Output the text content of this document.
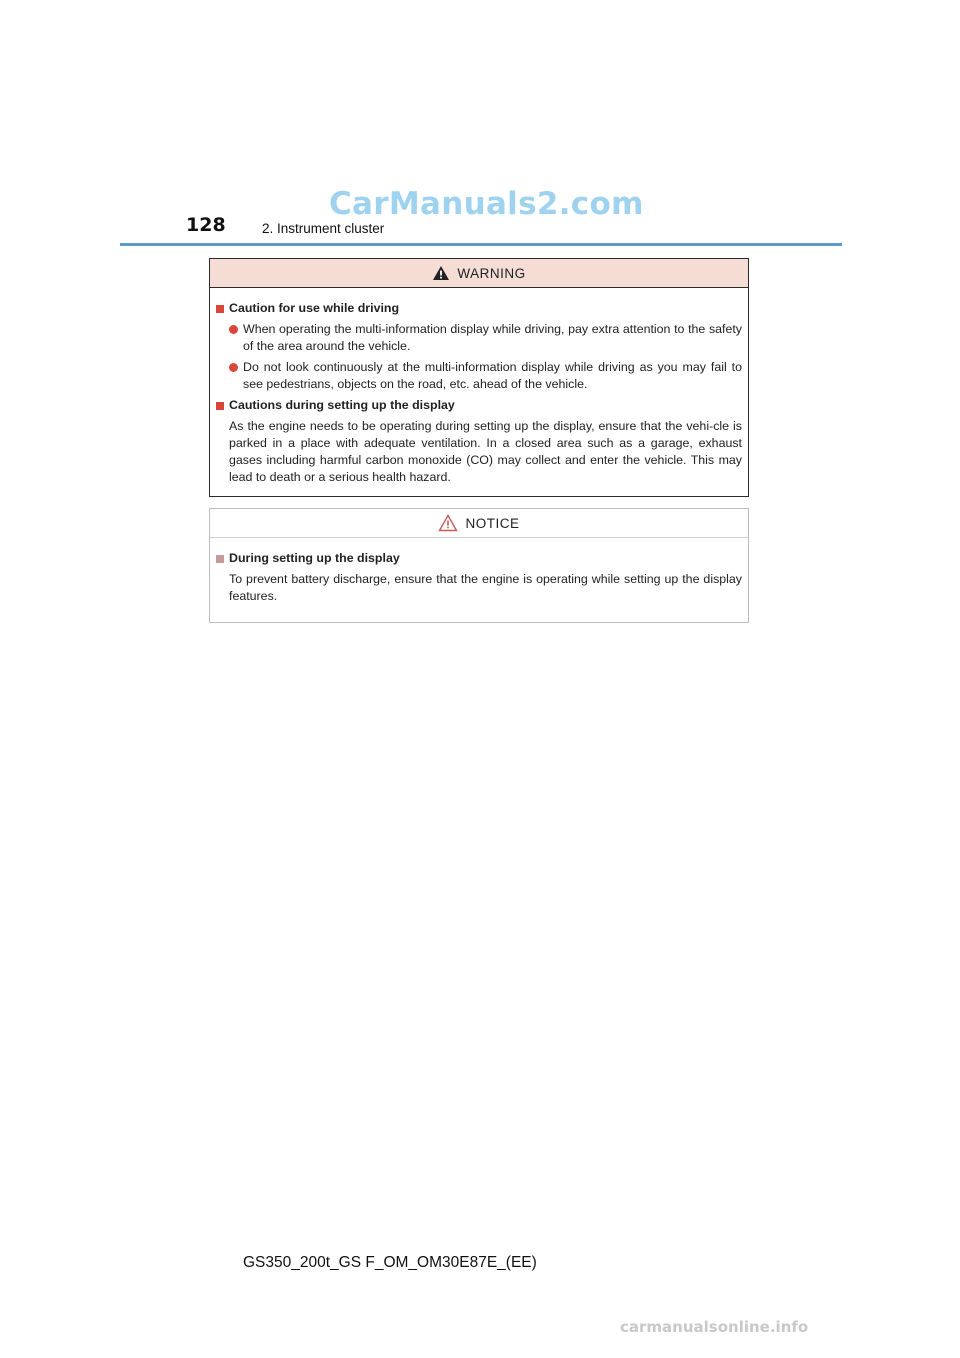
CarManuals2.com
128	2. Instrument cluster
WARNING
Caution for use while driving
When operating the multi-information display while driving, pay extra attention to the safety of the area around the vehicle.
Do not look continuously at the multi-information display while driving as you may fail to see pedestrians, objects on the road, etc. ahead of the vehicle.
Cautions during setting up the display
As the engine needs to be operating during setting up the display, ensure that the vehi-cle is parked in a place with adequate ventilation. In a closed area such as a garage, exhaust gases including harmful carbon monoxide (CO) may collect and enter the vehicle. This may lead to death or a serious health hazard.
NOTICE
During setting up the display
To prevent battery discharge, ensure that the engine is operating while setting up the display features.
GS350_200t_GS F_OM_OM30E87E_(EE)
carmanualsonline.info
